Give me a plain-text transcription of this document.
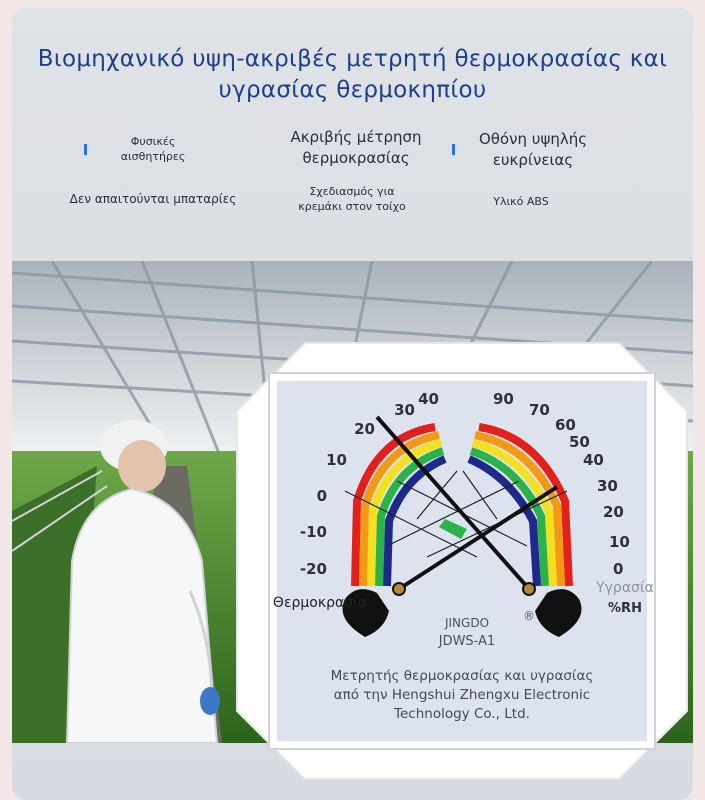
Βιομηχανικό υψη-ακριβές μετρητή θερμοκρασίας και
υγρασίας θερμοκηπίου
Φυσικές
αισθητήρες
Ακριβής μέτρηση
θερμοκρασίας
Οθόνη υψηλής
ευκρίνειας
Δεν απαιτούνται μπαταρίες
Σχεδιασμός για
κρεμάκι στον τοίχο	Υλικό ABS
40
30
20
10
0
-10
-20
90
70
60
50
40
30
20
10
0
Θερμοκρασία
Υγρασία
%RH
JINGDO	®
JDWS-A1
Μετρητής θερμοκρασίας και υγρασίας
από την Hengshui Zhengxu Electronic
Technology Co., Ltd.
